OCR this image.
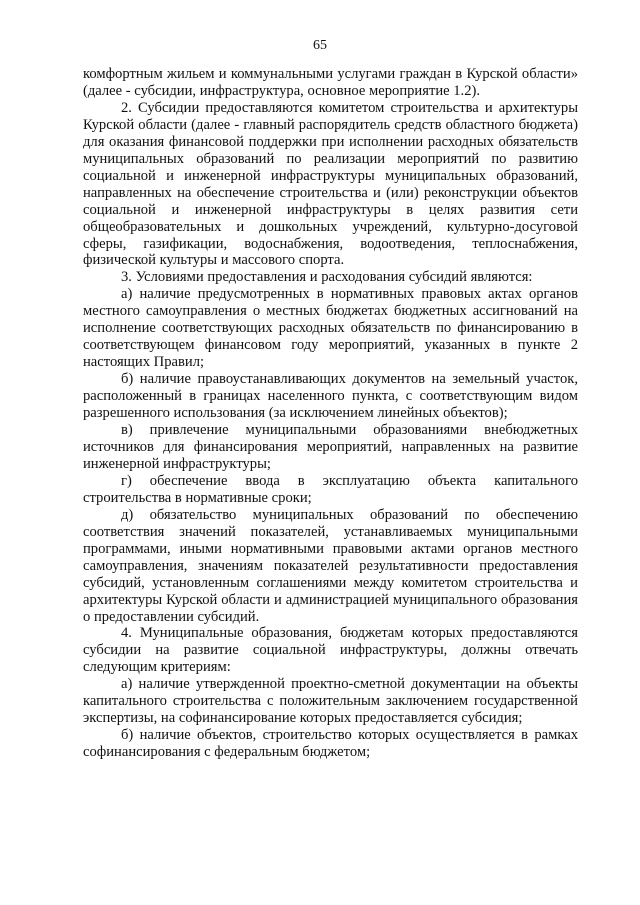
65

комфортным жильем и коммунальными услугами граждан в Курской области» (далее - субсидии, инфраструктура, основное мероприятие 1.2).

2. Субсидии предоставляются комитетом строительства и архитектуры Курской области (далее - главный распорядитель средств областного бюджета) для оказания финансовой поддержки при исполнении расходных обязательств муниципальных образований по реализации мероприятий по развитию социальной и инженерной инфраструктуры муниципальных образований, направленных на обеспечение строительства и (или) реконструкции объектов социальной и инженерной инфраструктуры в целях развития сети общеобразовательных и дошкольных учреждений, культурно-досуговой сферы, газификации, водоснабжения, водоотведения, теплоснабжения, физической культуры и массового спорта.

3. Условиями предоставления и расходования субсидий являются:

а) наличие предусмотренных в нормативных правовых актах органов местного самоуправления о местных бюджетах бюджетных ассигнований на исполнение соответствующих расходных обязательств по финансированию в соответствующем финансовом году мероприятий, указанных в пункте 2 настоящих Правил;

б) наличие правоустанавливающих документов на земельный участок, расположенный в границах населенного пункта, с соответствующим видом разрешенного использования (за исключением линейных объектов);

в) привлечение муниципальными образованиями внебюджетных источников для финансирования мероприятий, направленных на развитие инженерной инфраструктуры;

г) обеспечение ввода в эксплуатацию объекта капитального строительства в нормативные сроки;

д) обязательство муниципальных образований по обеспечению соответствия значений показателей, устанавливаемых муниципальными программами, иными нормативными правовыми актами органов местного самоуправления, значениям показателей результативности предоставления субсидий, установленным соглашениями между комитетом строительства и архитектуры Курской области и администрацией муниципального образования о предоставлении субсидий.

4. Муниципальные образования, бюджетам которых предоставляются субсидии на развитие социальной инфраструктуры, должны отвечать следующим критериям:

а) наличие утвержденной проектно-сметной документации на объекты капитального строительства с положительным заключением государственной экспертизы, на софинансирование которых предоставляется субсидия;

б) наличие объектов, строительство которых осуществляется в рамках софинансирования с федеральным бюджетом;
